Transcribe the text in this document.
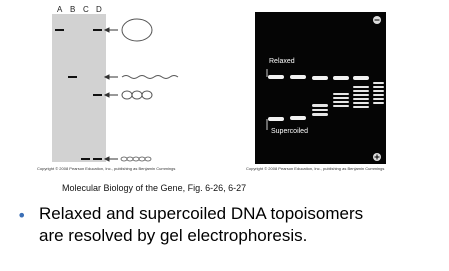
A B C D
Copyright © 2008 Pearson Education, Inc., publishing as Benjamin Cummings
Relaxed
Supercoiled
Copyright © 2008 Pearson Education, Inc., publishing as Benjamin Cummings
Molecular Biology of the Gene, Fig. 6-26, 6-27
• Relaxed and supercoiled DNA topoisomers
are resolved by gel electrophoresis.
